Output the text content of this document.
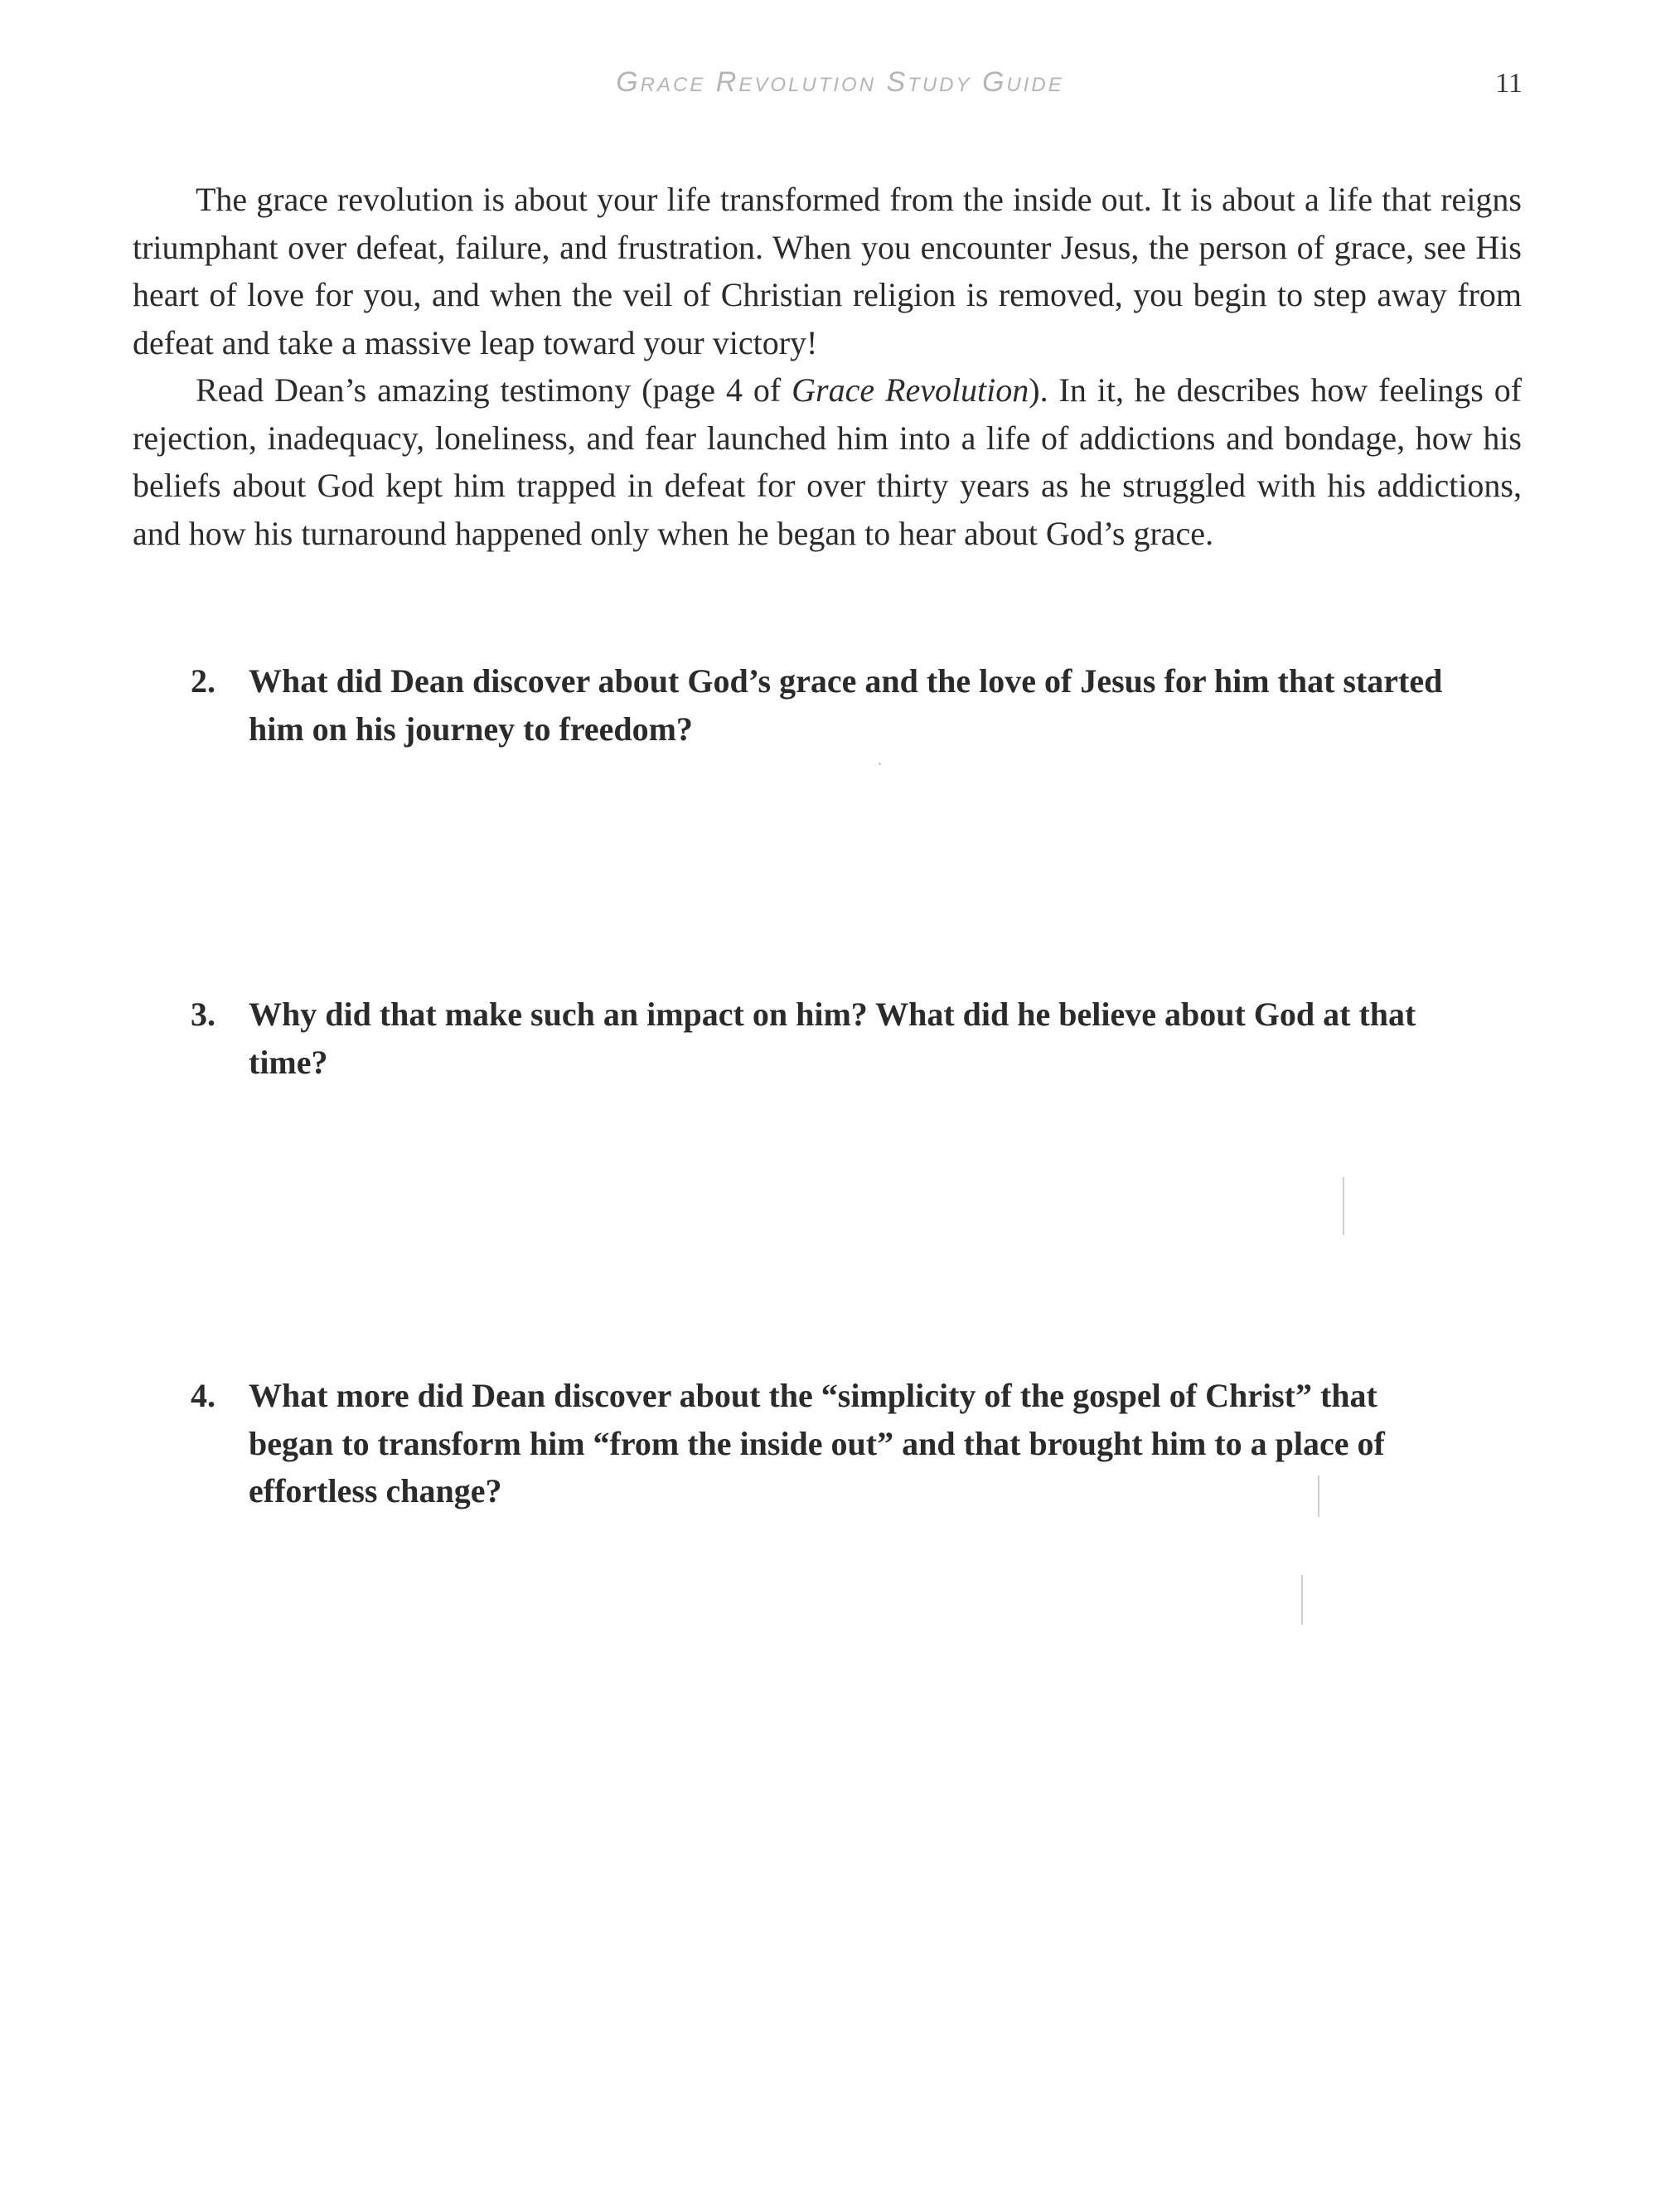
Grace Revolution Study Guide	11

The grace revolution is about your life transformed from the inside out. It is about a life that reigns triumphant over defeat, failure, and frustration. When you encounter Jesus, the person of grace, see His heart of love for you, and when the veil of Christian religion is removed, you begin to step away from defeat and take a massive leap toward your victory!

Read Dean’s amazing testimony (page 4 of Grace Revolution). In it, he describes how feelings of rejection, inadequacy, loneliness, and fear launched him into a life of addictions and bondage, how his beliefs about God kept him trapped in defeat for over thirty years as he struggled with his addictions, and how his turnaround happened only when he began to hear about God’s grace.

2.	What did Dean discover about God’s grace and the love of Jesus for him that started him on his journey to freedom?
3.	Why did that make such an impact on him? What did he believe about God at that time?
4.	What more did Dean discover about the “simplicity of the gospel of Christ” that began to transform him “from the inside out” and that brought him to a place of effortless change?
